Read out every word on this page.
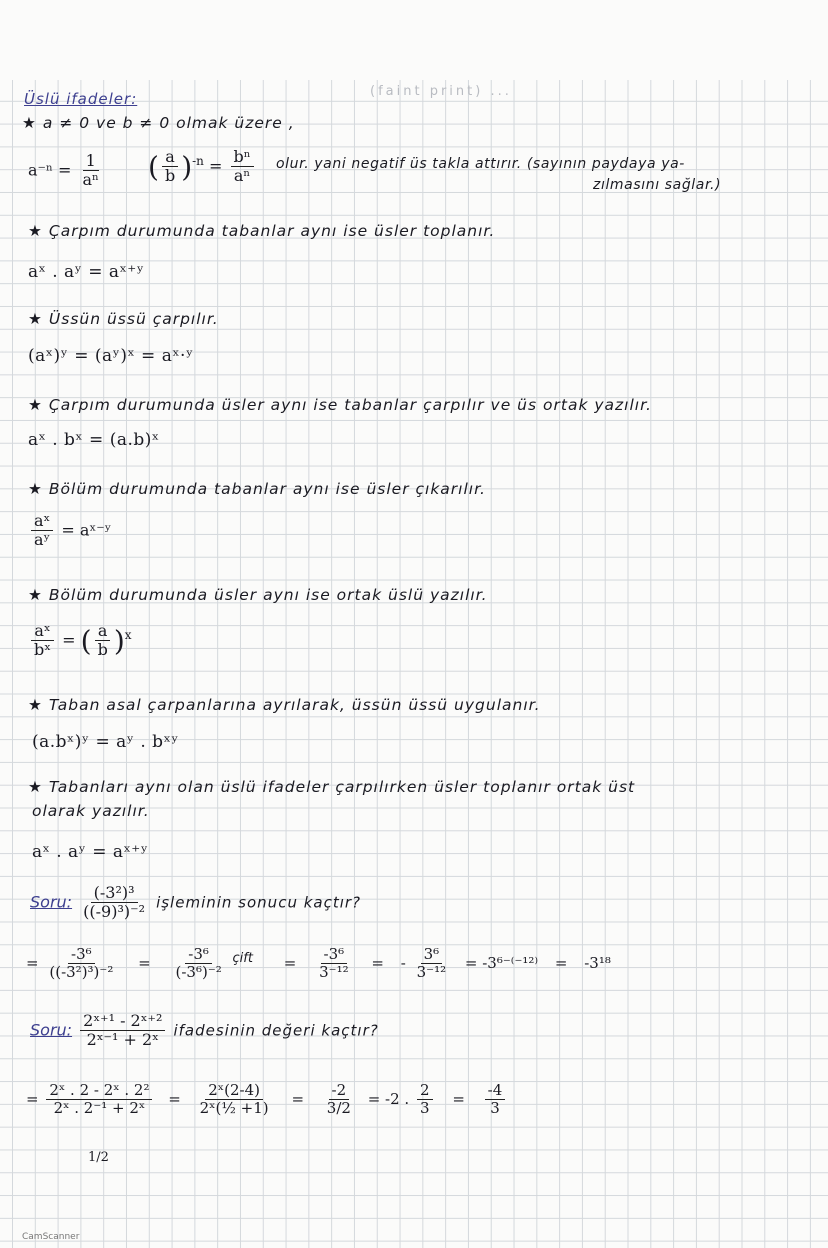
(faint print) ...
Üslü ifadeler:
★ a ≠ 0 ve b ≠ 0 olmak üzere ,
$a^{-n} = \frac{1}{\text{aⁿ}}$ ( $\frac{a}{b} )^{-n} = \frac{\text{bⁿ}}{\text{aⁿ}}$ olur. yani negatif üs takla attırır. (sayının paydaya ya-
zılmasını sağlar.)
★ Çarpım durumunda tabanlar aynı ise üsler toplanır.
aˣ . aʸ = aˣ⁺ʸ
★ Üssün üssü çarpılır.
(aˣ)ʸ = (aʸ)ˣ = aˣ·ʸ
★ Çarpım durumunda üsler aynı ise tabanlar çarpılır ve üs ortak yazılır.
aˣ . bˣ = (a.b)ˣ
★ Bölüm durumunda tabanlar aynı ise üsler çıkarılır.
$\frac{\text{aˣ}}{\text{aʸ}}$ = aˣ⁻ʸ
★ Bölüm durumunda üsler aynı ise ortak üslü yazılır.
$\frac{\text{aˣ}}{\text{bˣ}}$ = ( $\frac{a}{b} )^x$
★ Taban asal çarpanlarına ayrılarak, üssün üssü uygulanır.
(a.bˣ)ʸ = aʸ . bˣʸ
★ Tabanları aynı olan üslü ifadeler çarpılırken üsler toplanır ortak üst
olarak yazılır.
aˣ . aʸ = aˣ⁺ʸ
Soru: $\frac{\text{(-3²)³}}{\text{((-9)³)⁻²}}$ işleminin sonucu kaçtır?
= $\frac{\text{-3⁶}}{\text{((-3²)³)⁻²}} = \frac{\text{-3⁶}}{\text{(-3⁶)⁻²}} ^{çift} = \frac{\text{-3⁶}}{\text{3⁻¹²}}$ = - $\frac{\text{3⁶}}{\text{3⁻¹²}} = -3^{6-(-12)} = -3^{18}$
Soru: $\frac{\text{2ˣ⁺¹ - 2ˣ⁺²}}{\text{2ˣ⁻¹ + 2ˣ}}$ ifadesinin değeri kaçtır?
= $\frac{\text{2ˣ . 2 - 2ˣ . 2²}}{\text{2ˣ . 2⁻¹ + 2ˣ}} = \frac{\text{2ˣ(2-4)}}{\text{2ˣ(½ +1)}} = \frac{-2}{3/2} = -2$ . $\frac{2}{3} = \frac{-4}{3}$
1/2
CamScanner
